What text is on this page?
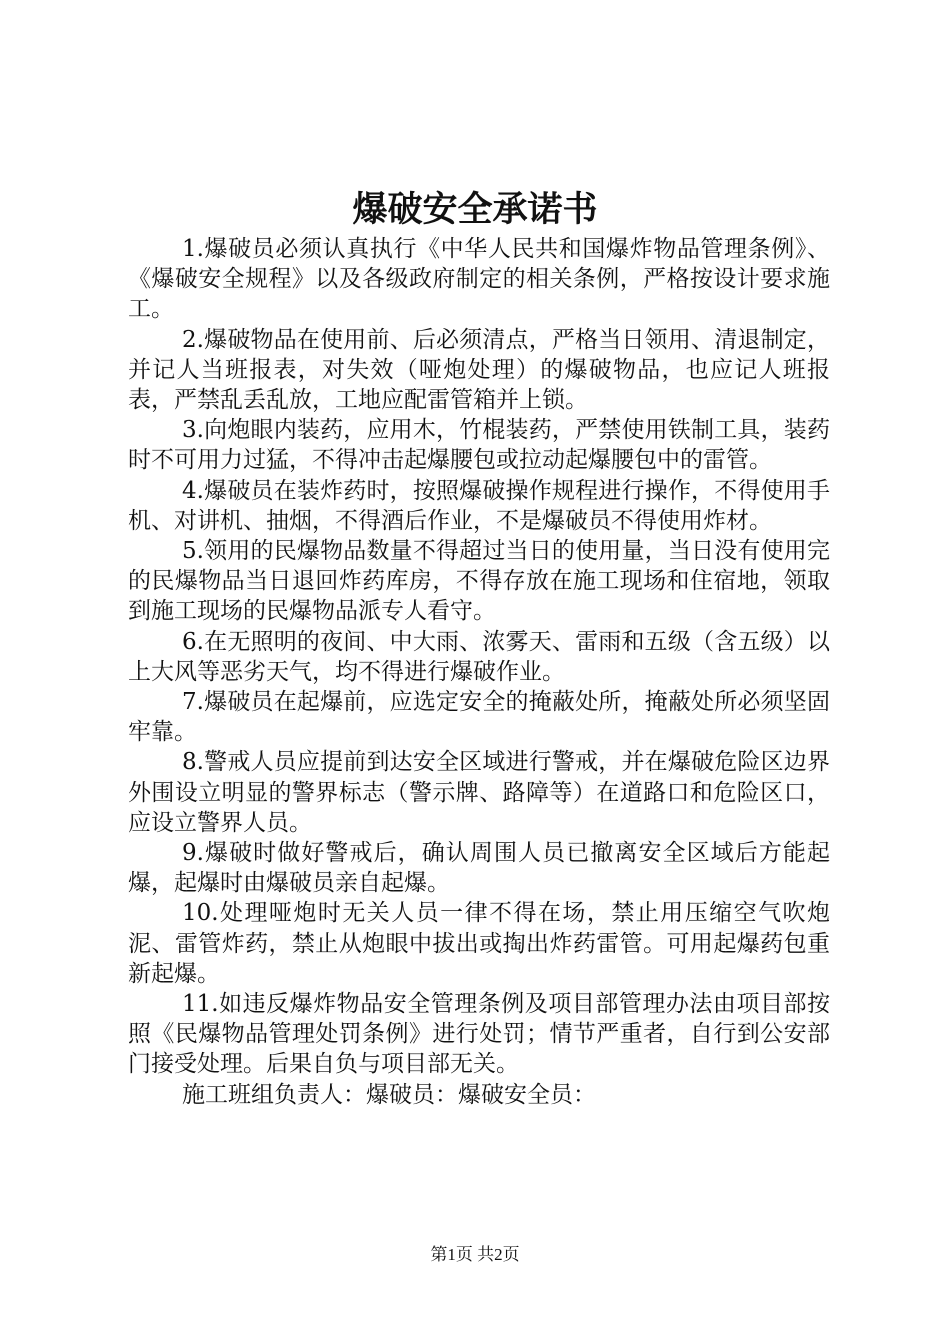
爆破安全承诺书

1.爆破员必须认真执行《中华人民共和国爆炸物品管理条例》、《爆破安全规程》以及各级政府制定的相关条例，严格按设计要求施工。

2.爆破物品在使用前、后必须清点，严格当日领用、清退制定，并记人当班报表，对失效（哑炮处理）的爆破物品，也应记人班报表，严禁乱丢乱放，工地应配雷管箱并上锁。

3.向炮眼内装药，应用木，竹棍装药，严禁使用铁制工具，装药时不可用力过猛，不得冲击起爆腰包或拉动起爆腰包中的雷管。

4.爆破员在装炸药时，按照爆破操作规程进行操作，不得使用手机、对讲机、抽烟，不得酒后作业，不是爆破员不得使用炸材。

5.领用的民爆物品数量不得超过当日的使用量，当日没有使用完的民爆物品当日退回炸药库房，不得存放在施工现场和住宿地，领取到施工现场的民爆物品派专人看守。

6.在无照明的夜间、中大雨、浓雾天、雷雨和五级（含五级）以上大风等恶劣天气，均不得进行爆破作业。

7.爆破员在起爆前，应选定安全的掩蔽处所，掩蔽处所必须坚固牢靠。

8.警戒人员应提前到达安全区域进行警戒，并在爆破危险区边界外围设立明显的警界标志（警示牌、路障等）在道路口和危险区口，应设立警界人员。

9.爆破时做好警戒后，确认周围人员已撤离安全区域后方能起爆，起爆时由爆破员亲自起爆。

10.处理哑炮时无关人员一律不得在场，禁止用压缩空气吹炮泥、雷管炸药，禁止从炮眼中拔出或掏出炸药雷管。可用起爆药包重新起爆。

11.如违反爆炸物品安全管理条例及项目部管理办法由项目部按照《民爆物品管理处罚条例》进行处罚；情节严重者，自行到公安部门接受处理。后果自负与项目部无关。

施工班组负责人：爆破员：爆破安全员：

第1页 共2页
